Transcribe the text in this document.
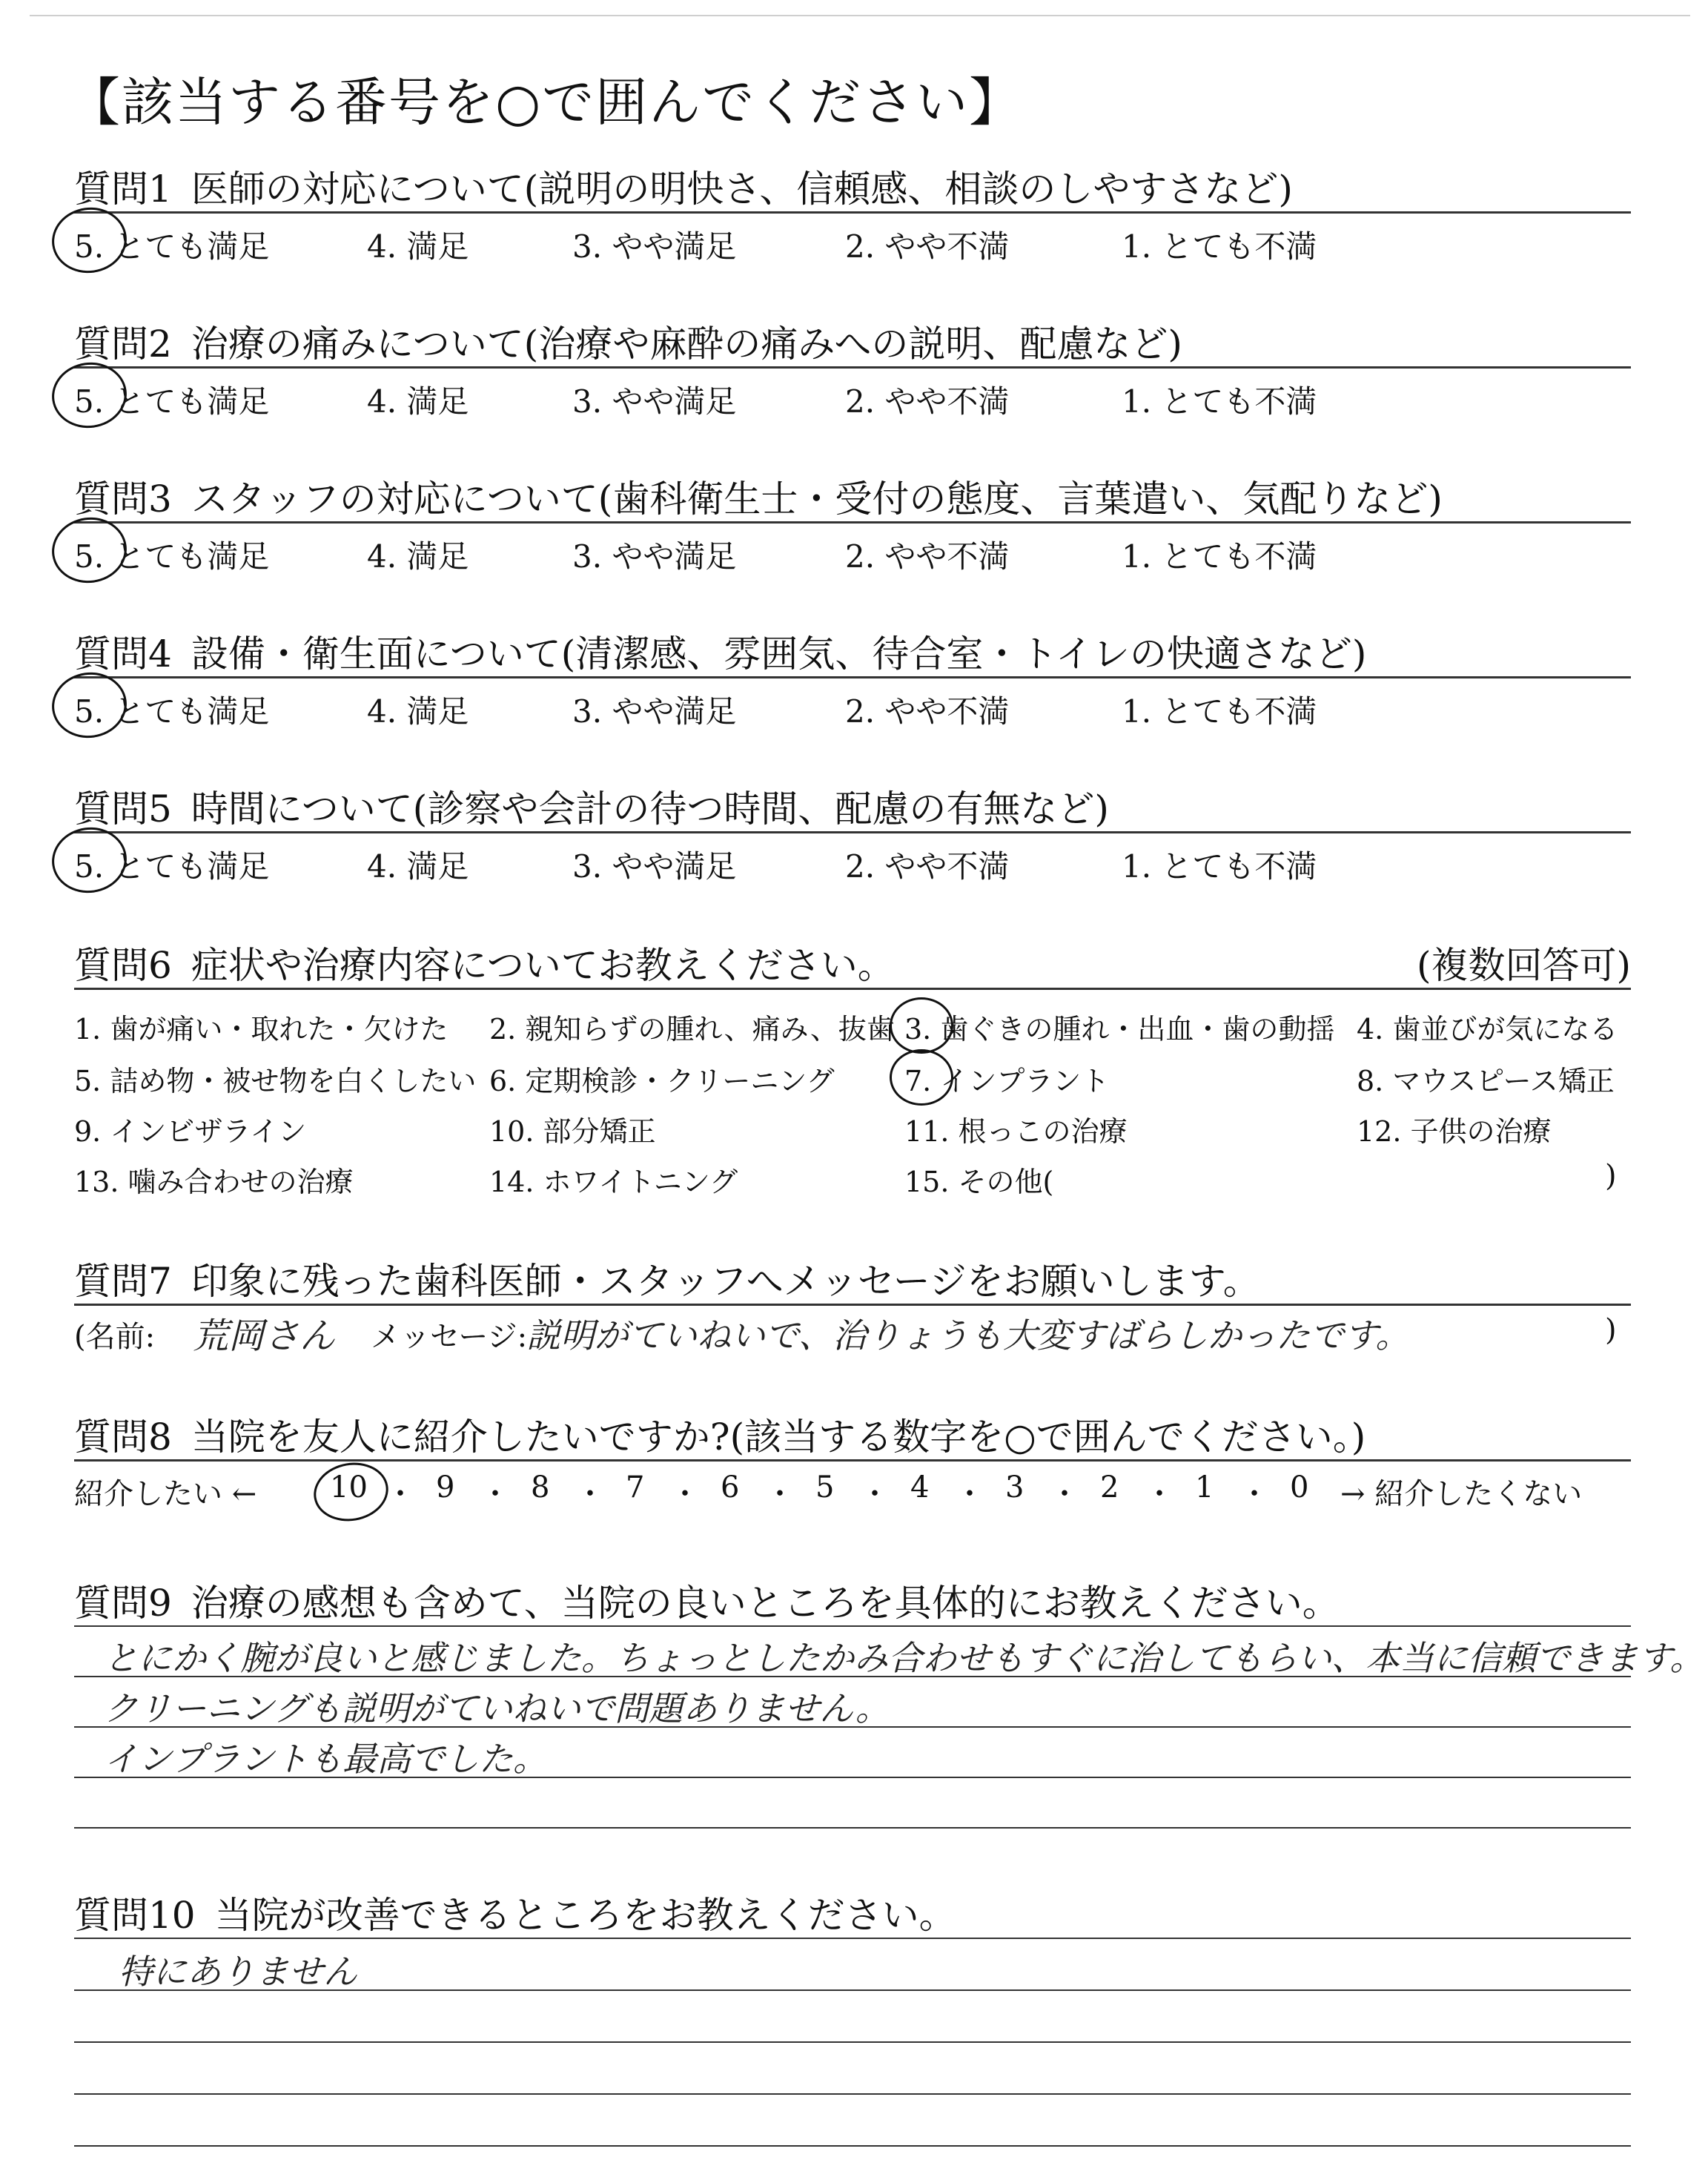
【該当する番号を○で囲んでください】
質問1 医師の対応について(説明の明快さ、信頼感、相談のしやすさなど)
5. とても満足	4. 満足	3. やや満足	2. やや不満	1. とても不満
質問2 治療の痛みについて(治療や麻酔の痛みへの説明、配慮など)
5. とても満足	4. 満足	3. やや満足	2. やや不満	1. とても不満
質問3 スタッフの対応について(歯科衛生士・受付の態度、言葉遣い、気配りなど)
5. とても満足	4. 満足	3. やや満足	2. やや不満	1. とても不満
質問4 設備・衛生面について(清潔感、雰囲気、待合室・トイレの快適さなど)
5. とても満足	4. 満足	3. やや満足	2. やや不満	1. とても不満
質問5 時間について(診察や会計の待つ時間、配慮の有無など)
5. とても満足	4. 満足	3. やや満足	2. やや不満	1. とても不満
質問6 症状や治療内容についてお教えください。	(複数回答可)
1. 歯が痛い・取れた・欠けた 2. 親知らずの腫れ、痛み、抜歯 3. 歯ぐきの腫れ・出血・歯の動揺 4. 歯並びが気になる
5. 詰め物・被せ物を白くしたい 6. 定期検診・クリーニング 7. インプラント	8. マウスピース矯正
9. インビザライン	10. 部分矯正	11. 根っこの治療	12. 子供の治療
13. 噛み合わせの治療	14. ホワイトニング	15. その他(	)
質問7 印象に残った歯科医師・スタッフへメッセージをお願いします。
(名前: 荒岡さん メッセージ:
説明がていねいで、治りょうも大変すばらしかったです。	)
質問8 当院を友人に紹介したいですか?(該当する数字を○で囲んでください。)
紹介したい ← 10 ・ 9 ・ 8 ・ 7 ・ 6 ・ 5 ・ 4 ・ 3 ・ 2 ・ 1 ・ 0 → 紹介したくない
質問9 治療の感想も含めて、当院の良いところを具体的にお教えください。
とにかく腕が良いと感じました。ちょっとしたかみ合わせもすぐに治してもらい、本当に信頼できます。
クリーニングも説明がていねいで問題ありません。
インプラントも最高でした。
質問10 当院が改善できるところをお教えください。
特にありません
